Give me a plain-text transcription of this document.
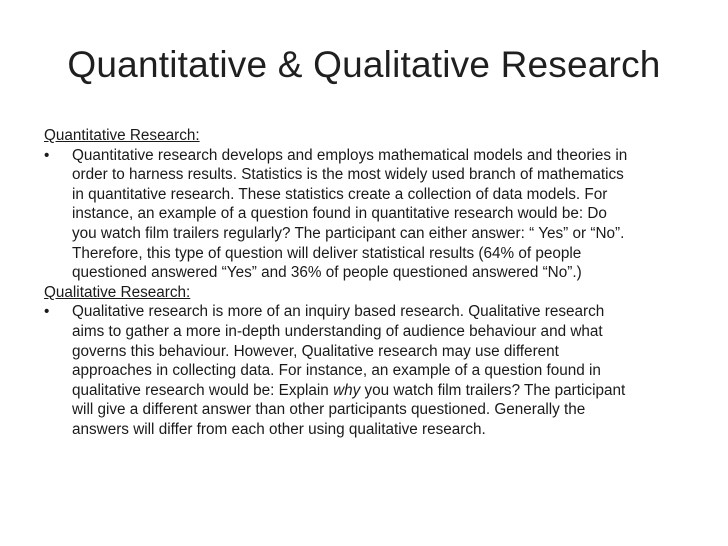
Quantitative & Qualitative Research

Quantitative Research:

•	Quantitative research develops and employs mathematical models and theories in
order to harness results. Statistics is the most widely used branch of mathematics
in quantitative research. These statistics create a collection of data models. For
instance, an example of a question found in quantitative research would be: Do
you watch film trailers regularly? The participant can either answer: “ Yes” or “No”.
Therefore, this type of question will deliver statistical results (64% of people
questioned answered “Yes” and 36% of people questioned answered “No”.)

Qualitative Research:

•	Qualitative research is more of an inquiry based research. Qualitative research
aims to gather a more in-depth understanding of audience behaviour and what
governs this behaviour. However, Qualitative research may use different
approaches in collecting data. For instance, an example of a question found in
qualitative research would be: Explain why you watch film trailers? The participant
will give a different answer than other participants questioned. Generally the
answers will differ from each other using qualitative research.
